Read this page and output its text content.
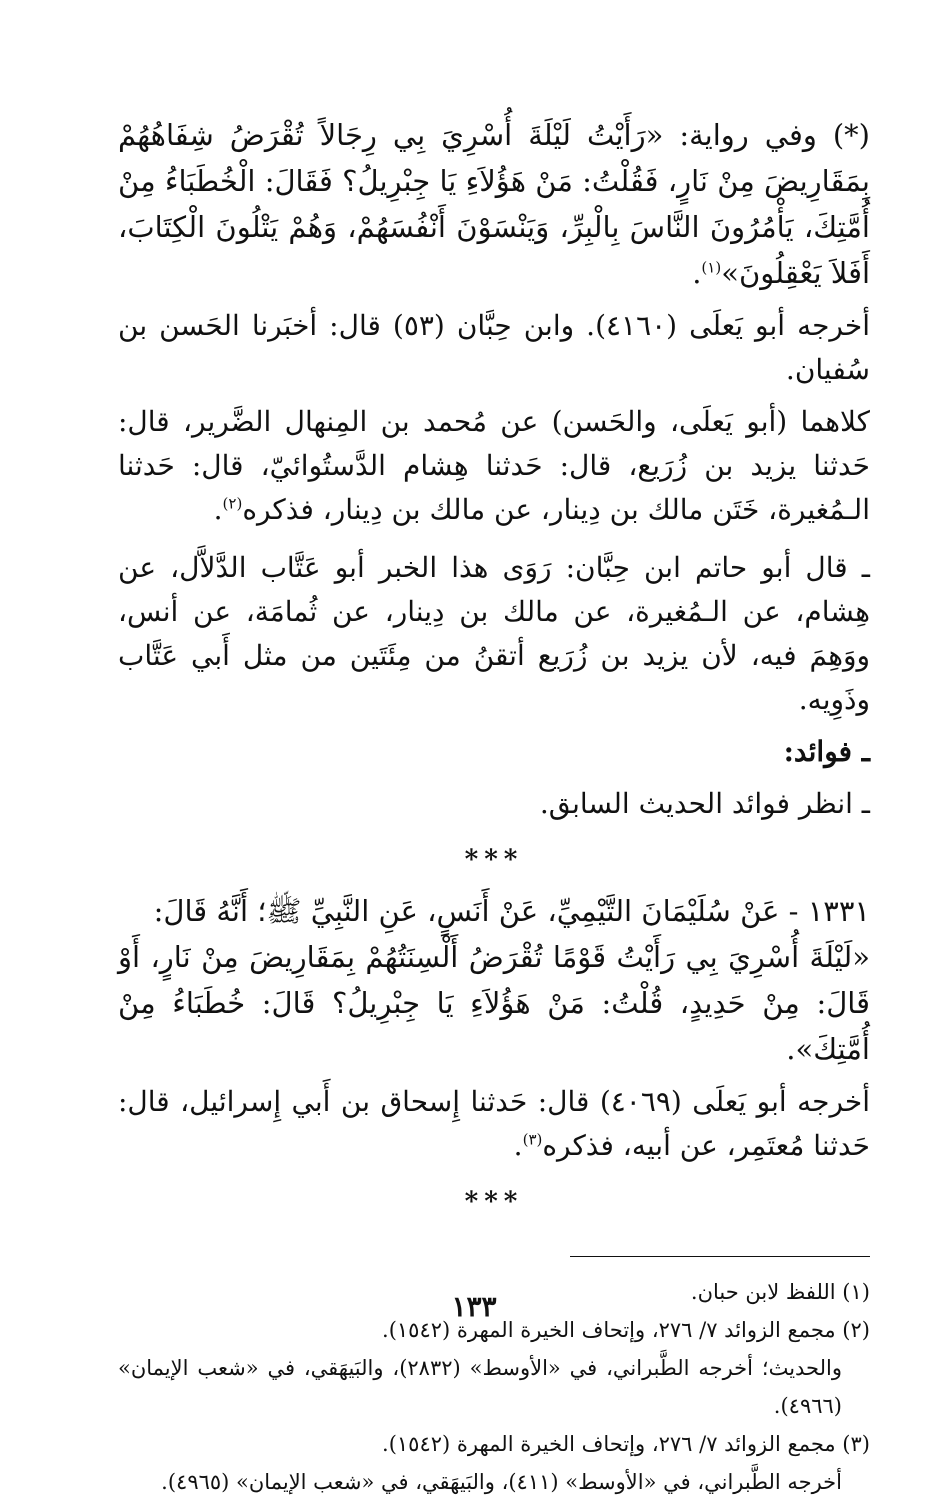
(*) وفي رواية: «رَأَيْتُ لَيْلَةَ أُسْرِيَ بِي رِجَالاً تُقْرَضُ شِفَاهُهُمْ بِمَقَارِيضَ مِنْ نَارٍ، فَقُلْتُ: مَنْ هَؤُلاَءِ يَا جِبْرِيلُ؟ فَقَالَ: الْخُطَبَاءُ مِنْ أُمَّتِكَ، يَأْمُرُونَ النَّاسَ بِالْبِرِّ، وَيَنْسَوْنَ أَنْفُسَهُمْ، وَهُمْ يَتْلُونَ الْكِتَابَ، أَفَلاَ يَعْقِلُونَ»$^{(١)}$.

أخرجه أبو يَعلَى (٤١٦٠). وابن حِبَّان (٥٣) قال: أخبَرنا الحَسن بن سُفيان.

كلاهما (أبو يَعلَى، والحَسن) عن مُحمد بن المِنهال الضَّرير، قال: حَدثنا يزيد بن زُرَيع، قال: حَدثنا هِشام الدَّستُوائيّ، قال: حَدثنا الـمُغيرة، خَتَن مالك بن دِينار، عن مالك بن دِينار، فذكره$^{(٢)}$.

ـ قال أبو حاتم ابن حِبَّان: رَوَى هذا الخبر أبو عَتَّاب الدَّلاَّل، عن هِشام، عن الـمُغيرة، عن مالك بن دِينار، عن ثُمامَة، عن أنس، ووَهِمَ فيه، لأن يزيد بن زُرَيع أتقنُ من مِئَتَين من مثل أَبي عَتَّاب وذَوِيه.

ـ فوائد:

ـ انظر فوائد الحديث السابق.

***

١٣٣١ - عَنْ سُلَيْمَانَ التَّيْمِيِّ، عَنْ أَنَسٍ، عَنِ النَّبِيِّ ﷺ؛ أَنَّهُ قَالَ:

«لَيْلَةَ أُسْرِيَ بِي رَأَيْتُ قَوْمًا تُقْرَضُ أَلْسِنَتُهُمْ بِمَقَارِيضَ مِنْ نَارٍ، أَوْ قَالَ: مِنْ حَدِيدٍ، قُلْتُ: مَنْ هَؤُلاَءِ يَا جِبْرِيلُ؟ قَالَ: خُطَبَاءُ مِنْ أُمَّتِكَ».

أخرجه أبو يَعلَى (٤٠٦٩) قال: حَدثنا إِسحاق بن أَبي إِسرائيل، قال: حَدثنا مُعتَمِر، عن أبيه، فذكره$^{(٣)}$.

***

(١) اللفظ لابن حبان.

(٢) مجمع الزوائد ٧/ ٢٧٦، وإتحاف الخيرة المهرة (١٥٤٢).

والحديث؛ أخرجه الطَّبراني، في «الأوسط» (٢٨٣٢)، والبَيهَقي، في «شعب الإيمان» (٤٩٦٦).

(٣) مجمع الزوائد ٧/ ٢٧٦، وإتحاف الخيرة المهرة (١٥٤٢).

أخرجه الطَّبراني، في «الأوسط» (٤١١)، والبَيهَقي، في «شعب الإيمان» (٤٩٦٥).

١٣٣
